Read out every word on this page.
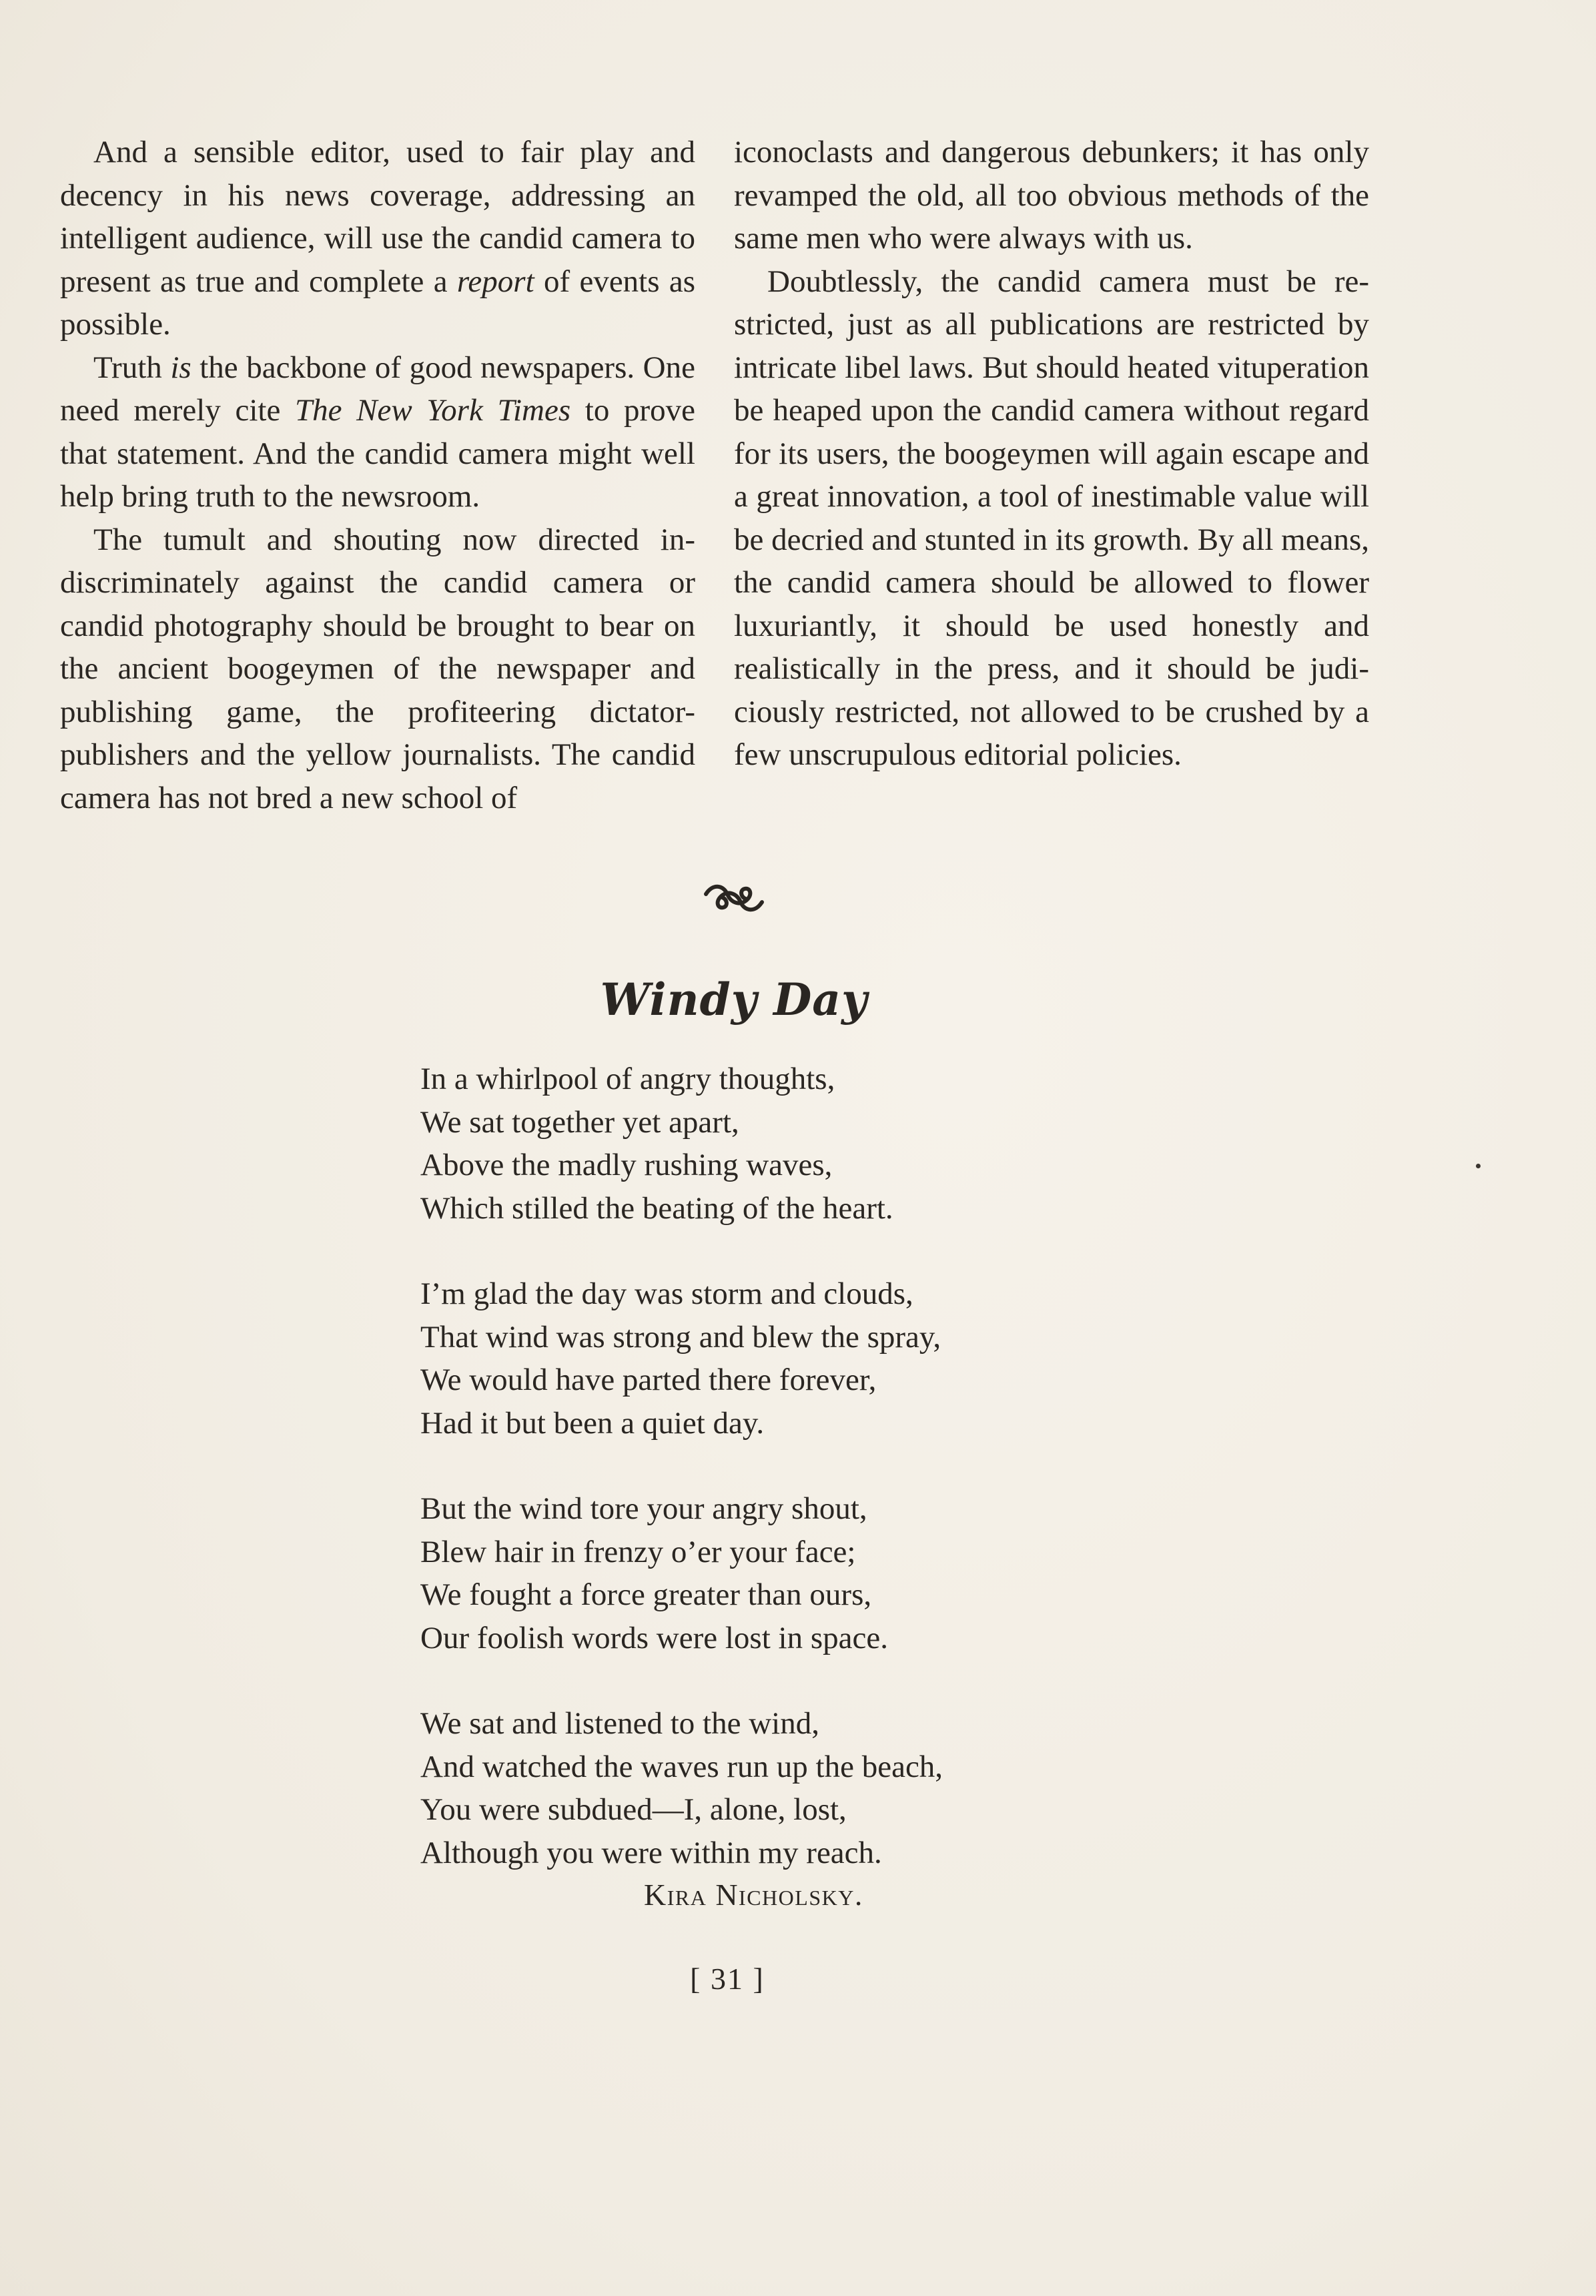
And a sensible editor, used to fair play and decency in his news coverage, addressing an intelligent audience, will use the candid camera to present as true and complete a report of events as possible.

Truth is the backbone of good newspapers. One need merely cite The New York Times to prove that statement. And the candid camera might well help bring truth to the newsroom.

The tumult and shouting now directed indiscriminately against the candid camera or candid photography should be brought to bear on the ancient boogeymen of the newspaper and publishing game, the profiteering dictator-publishers and the yellow journalists. The candid camera has not bred a new school of

iconoclasts and dangerous debunkers; it has only revamped the old, all too obvious methods of the same men who were always with us.

Doubtlessly, the candid camera must be restricted, just as all publications are restricted by intricate libel laws. But should heated vituperation be heaped upon the candid camera without regard for its users, the boogeymen will again escape and a great innovation, a tool of inestimable value will be decried and stunted in its growth. By all means, the candid camera should be allowed to flower luxuriantly, it should be used honestly and realistically in the press, and it should be judiciously restricted, not allowed to be crushed by a few unscrupulous editorial policies.

Windy Day
In a whirlpool of angry thoughts,
We sat together yet apart,
Above the madly rushing waves,
Which stilled the beating of the heart.
I’m glad the day was storm and clouds,
That wind was strong and blew the spray,
We would have parted there forever,
Had it but been a quiet day.
But the wind tore your angry shout,
Blew hair in frenzy o’er your face;
We fought a force greater than ours,
Our foolish words were lost in space.
We sat and listened to the wind,
And watched the waves run up the beach,
You were subdued—I, alone, lost,
Although you were within my reach.
Kira Nicholsky.
[ 31 ]
